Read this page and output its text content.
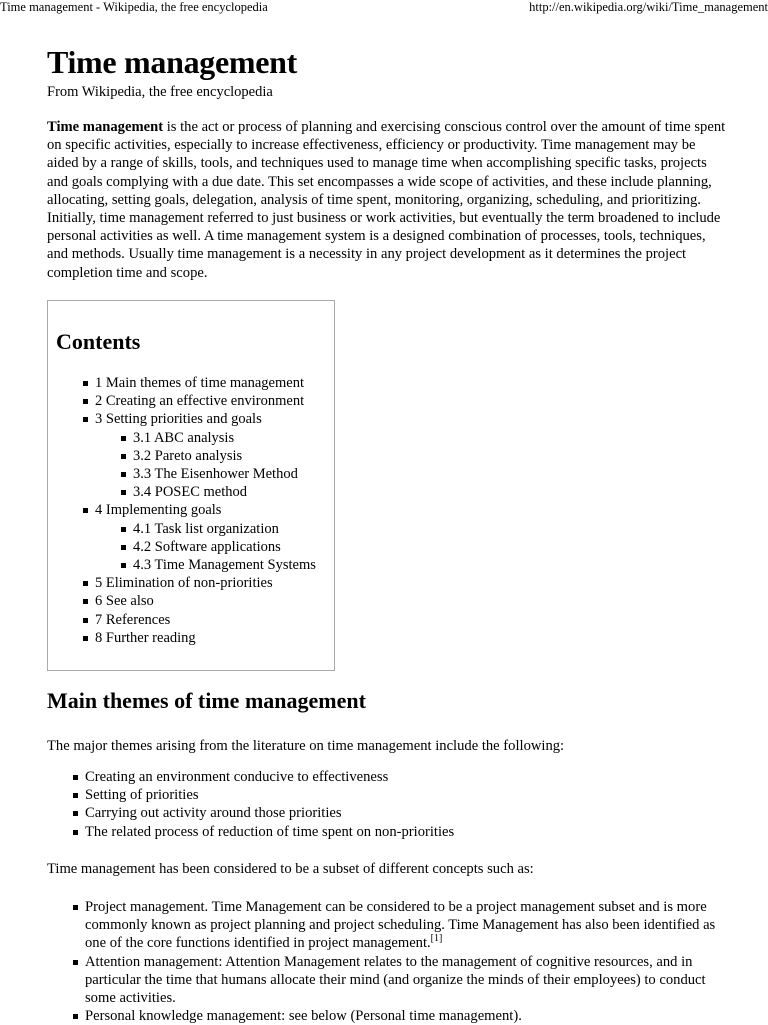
Time management - Wikipedia, the free encyclopedia	http://en.wikipedia.org/wiki/Time_management
Time management
From Wikipedia, the free encyclopedia
Time management is the act or process of planning and exercising conscious control over the amount of time spent on specific activities, especially to increase effectiveness, efficiency or productivity. Time management may be aided by a range of skills, tools, and techniques used to manage time when accomplishing specific tasks, projects and goals complying with a due date. This set encompasses a wide scope of activities, and these include planning, allocating, setting goals, delegation, analysis of time spent, monitoring, organizing, scheduling, and prioritizing. Initially, time management referred to just business or work activities, but eventually the term broadened to include personal activities as well. A time management system is a designed combination of processes, tools, techniques, and methods. Usually time management is a necessity in any project development as it determines the project completion time and scope.
Contents
1 Main themes of time management
2 Creating an effective environment
3 Setting priorities and goals
3.1 ABC analysis
3.2 Pareto analysis
3.3 The Eisenhower Method
3.4 POSEC method
4 Implementing goals
4.1 Task list organization
4.2 Software applications
4.3 Time Management Systems
5 Elimination of non-priorities
6 See also
7 References
8 Further reading
Main themes of time management
The major themes arising from the literature on time management include the following:
Creating an environment conducive to effectiveness
Setting of priorities
Carrying out activity around those priorities
The related process of reduction of time spent on non-priorities
Time management has been considered to be a subset of different concepts such as:
Project management. Time Management can be considered to be a project management subset and is more commonly known as project planning and project scheduling. Time Management has also been identified as one of the core functions identified in project management.[1]
Attention management: Attention Management relates to the management of cognitive resources, and in particular the time that humans allocate their mind (and organize the minds of their employees) to conduct some activities.
Personal knowledge management: see below (Personal time management).
